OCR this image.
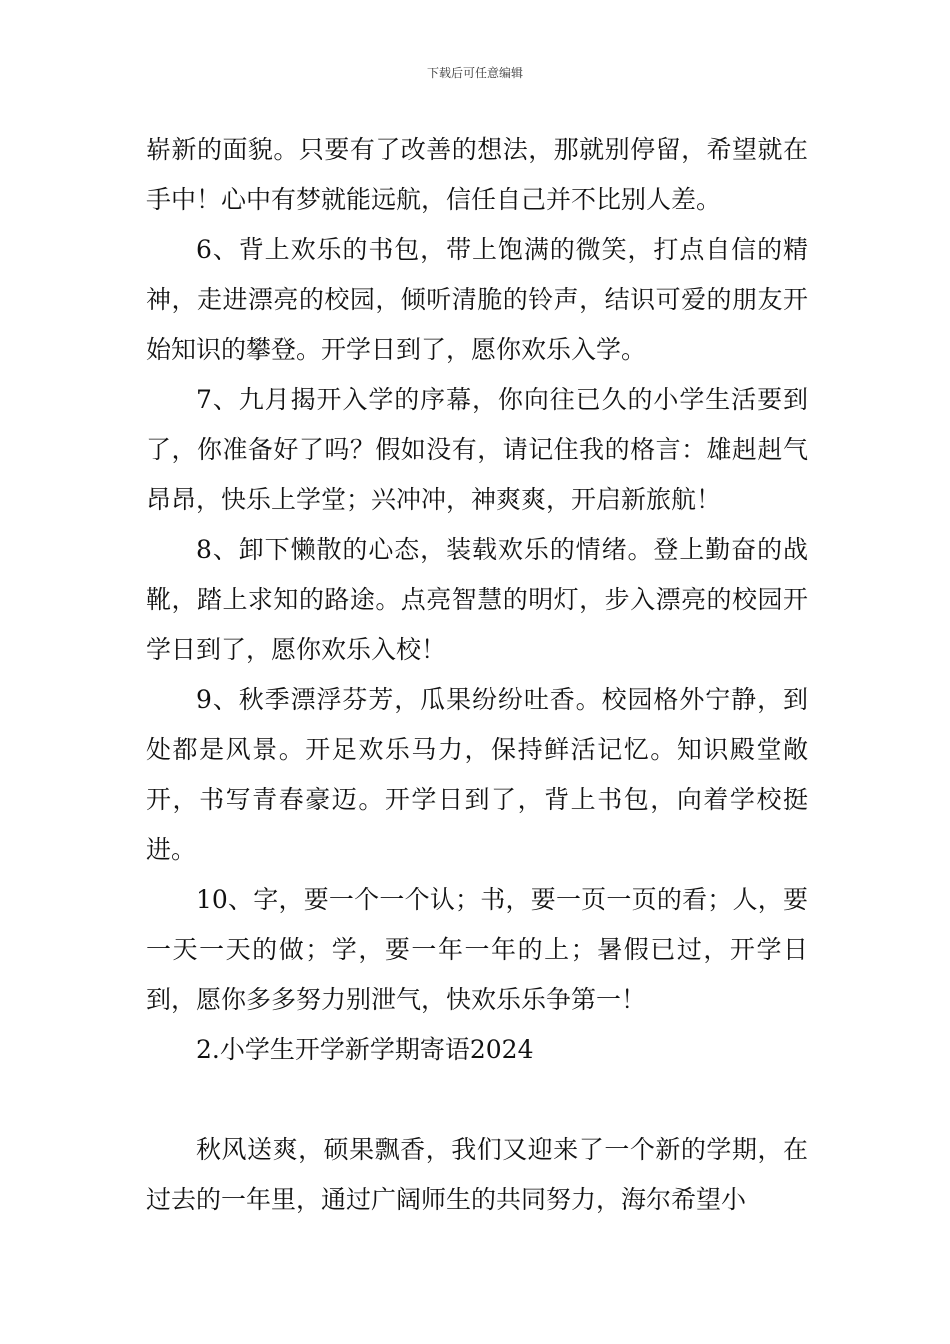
下载后可任意编辑

崭新的面貌。只要有了改善的想法，那就别停留，希望就在手中！心中有梦就能远航，信任自己并不比别人差。

6、背上欢乐的书包，带上饱满的微笑，打点自信的精神，走进漂亮的校园，倾听清脆的铃声，结识可爱的朋友开始知识的攀登。开学日到了，愿你欢乐入学。

7、九月揭开入学的序幕，你向往已久的小学生活要到了，你准备好了吗？假如没有，请记住我的格言：雄赳赳气昂昂，快乐上学堂；兴冲冲，神爽爽，开启新旅航！

8、卸下懒散的心态，装载欢乐的情绪。登上勤奋的战靴，踏上求知的路途。点亮智慧的明灯，步入漂亮的校园开学日到了，愿你欢乐入校！

9、秋季漂浮芬芳，瓜果纷纷吐香。校园格外宁静，到处都是风景。开足欢乐马力，保持鲜活记忆。知识殿堂敞开，书写青春豪迈。开学日到了，背上书包，向着学校挺进。

10、字，要一个一个认；书，要一页一页的看；人，要一天一天的做；学，要一年一年的上；暑假已过，开学日到，愿你多多努力别泄气，快欢乐乐争第一！

2.小学生开学新学期寄语2024

秋风送爽，硕果飘香，我们又迎来了一个新的学期，在过去的一年里，通过广阔师生的共同努力，海尔希望小
